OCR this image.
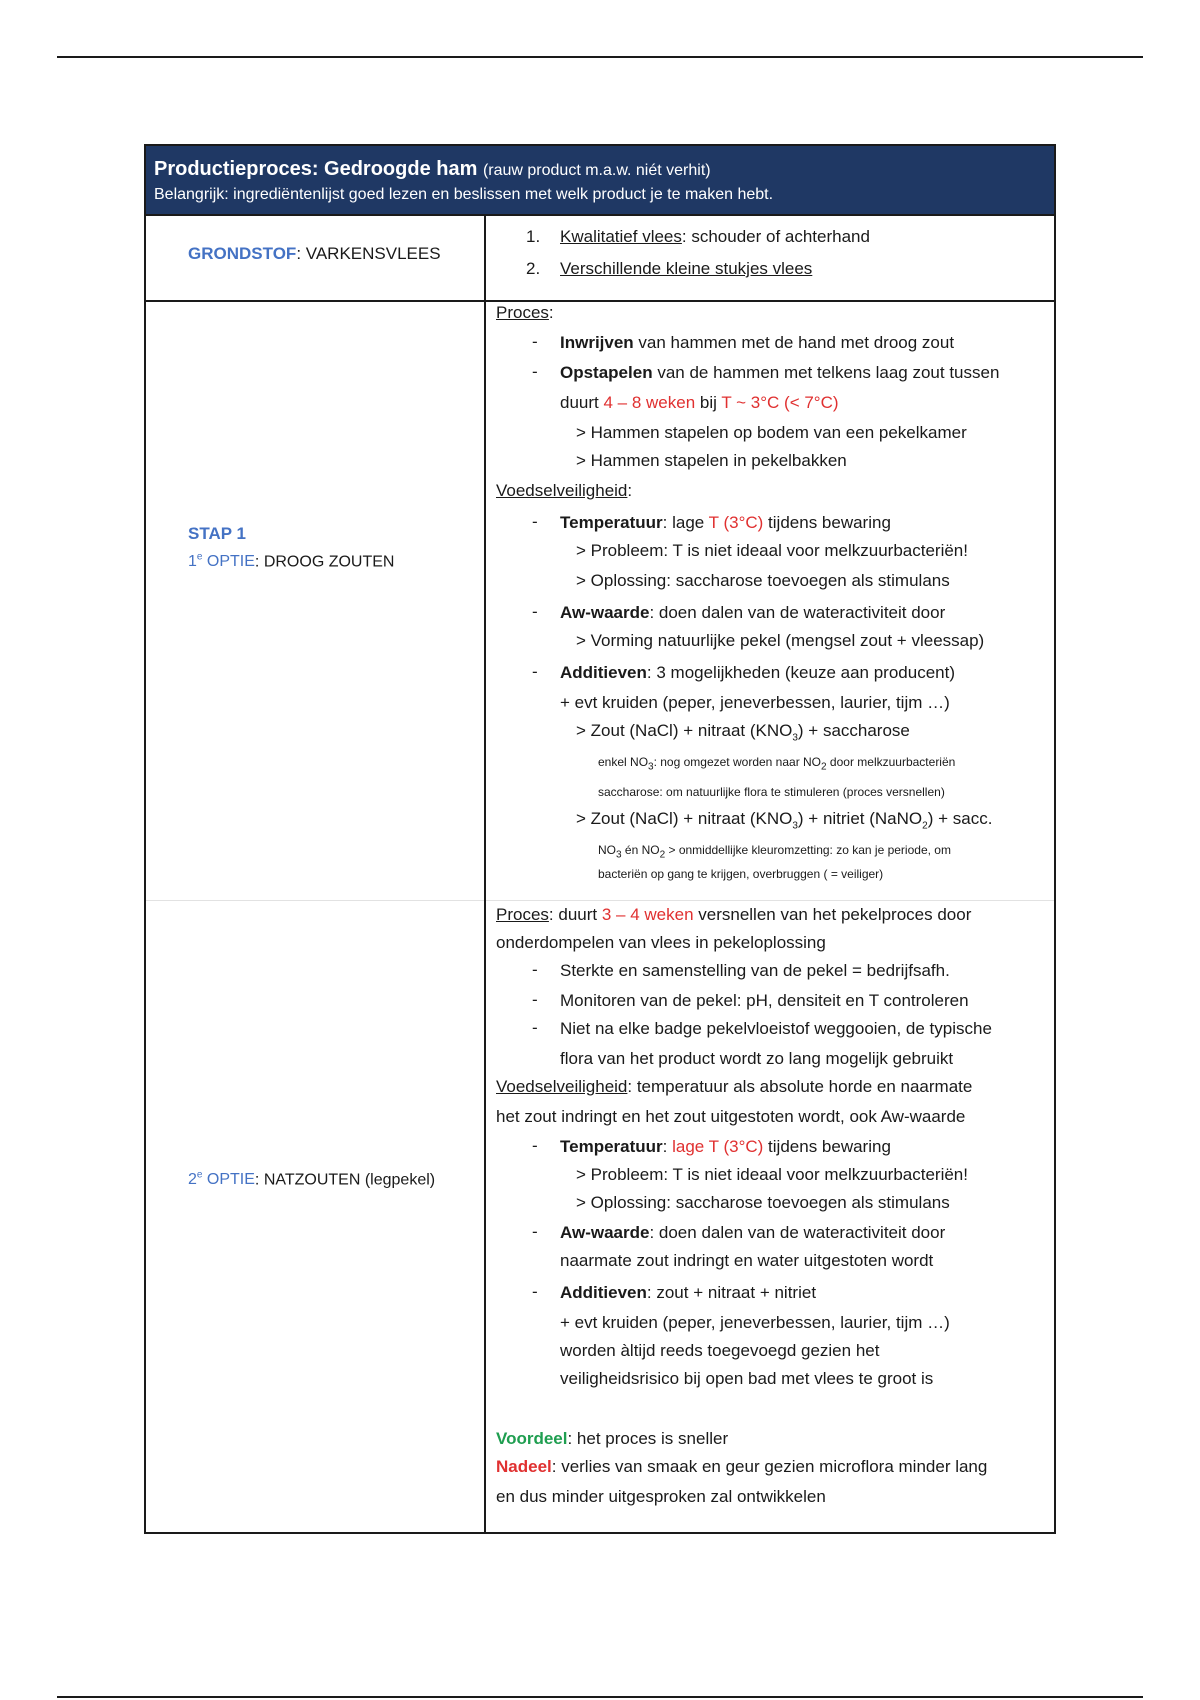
Productieproces: Gedroogde ham (rauw product m.a.w. niét verhit)
Belangrijk: ingrediëntenlijst goed lezen en beslissen met welk product je te maken hebt.
GRONDSTOF: VARKENSVLEES
1. Kwalitatief vlees: schouder of achterhand
2. Verschillende kleine stukjes vlees
STAP 1
1e OPTIE: DROOG ZOUTEN
Proces:
- Inwrijven van hammen met de hand met droog zout
- Opstapelen van de hammen met telkens laag zout tussen
duurt 4 – 8 weken bij T ~ 3°C (< 7°C)
> Hammen stapelen op bodem van een pekelkamer
> Hammen stapelen in pekelbakken
Voedselveiligheid:
- Temperatuur: lage T (3°C) tijdens bewaring
> Probleem: T is niet ideaal voor melkzuurbacteriën!
> Oplossing: saccharose toevoegen als stimulans
- Aw-waarde: doen dalen van de wateractiviteit door
> Vorming natuurlijke pekel (mengsel zout + vleessap)
- Additieven: 3 mogelijkheden (keuze aan producent)
+ evt kruiden (peper, jeneverbessen, laurier, tijm …)
> Zout (NaCl) + nitraat $(KNO_3)$ + saccharose
enkel $NO_3$: nog omgezet worden naar $NO_2$ door melkzuurbacteriën
saccharose: om natuurlijke flora te stimuleren (proces versnellen)
> Zout (NaCl) + nitraat $(KNO_3)$ + nitriet (NaNO$_2$) + sacc.
$NO_3$ én $NO_2$ > onmiddellijke kleuromzetting: zo kan je periode, om
bacteriën op gang te krijgen, overbruggen ( = veiliger)
2e OPTIE: NATZOUTEN (legpekel)
Proces: duurt 3 – 4 weken versnellen van het pekelproces door
onderdompelen van vlees in pekeloplossing
- Sterkte en samenstelling van de pekel = bedrijfsafh.
- Monitoren van de pekel: pH, densiteit en T controleren
- Niet na elke badge pekelvloeistof weggooien, de typische
flora van het product wordt zo lang mogelijk gebruikt
Voedselveiligheid: temperatuur als absolute horde en naarmate
het zout indringt en het zout uitgestoten wordt, ook Aw-waarde
- Temperatuur: lage T (3°C) tijdens bewaring
> Probleem: T is niet ideaal voor melkzuurbacteriën!
> Oplossing: saccharose toevoegen als stimulans
- Aw-waarde: doen dalen van de wateractiviteit door
naarmate zout indringt en water uitgestoten wordt
- Additieven: zout + nitraat + nitriet
+ evt kruiden (peper, jeneverbessen, laurier, tijm …)
worden àltijd reeds toegevoegd gezien het
veiligheidsrisico bij open bad met vlees te groot is
Voordeel: het proces is sneller
Nadeel: verlies van smaak en geur gezien microflora minder lang
en dus minder uitgesproken zal ontwikkelen
